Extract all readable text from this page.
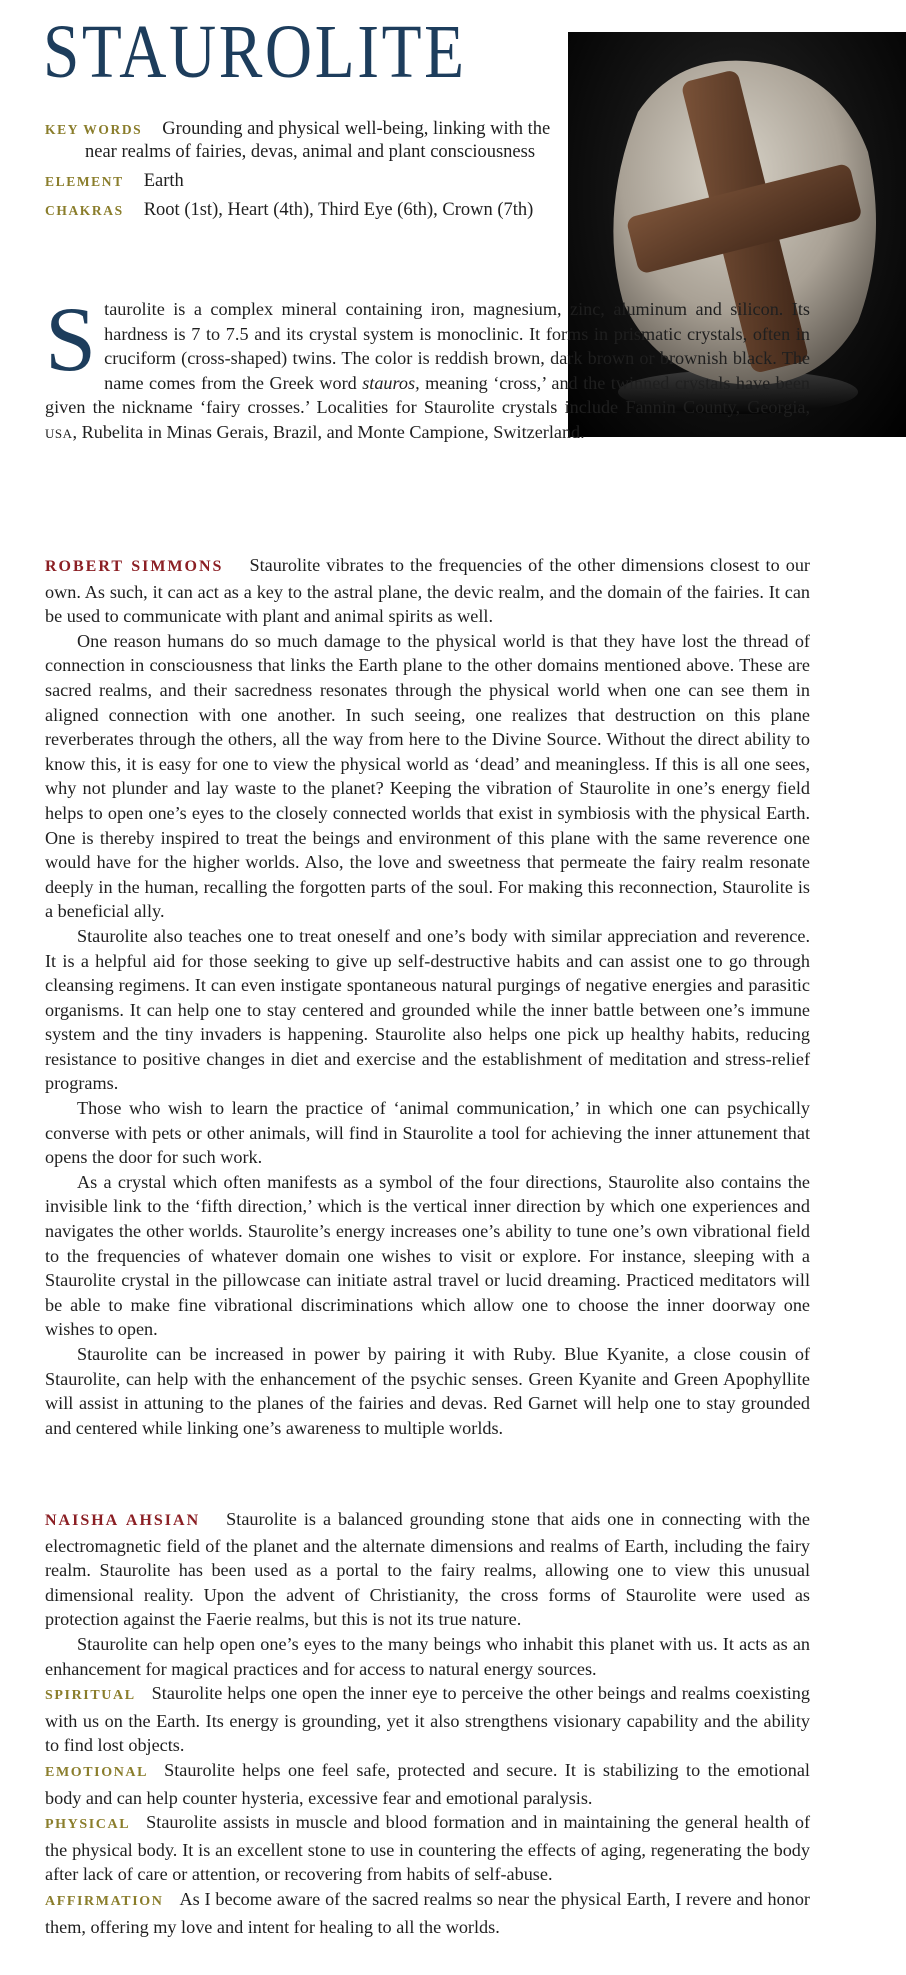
STAUROLITE
KEY WORDS Grounding and physical well-being, linking with the near realms of fairies, devas, animal and plant consciousness
ELEMENT Earth
CHAKRAS Root (1st), Heart (4th), Third Eye (6th), Crown (7th)

Staurolite is a complex mineral containing iron, magnesium, zinc, aluminum and silicon. Its hardness is 7 to 7.5 and its crystal system is monoclinic. It forms in prismatic crystals, often in cruciform (cross-shaped) twins. The color is reddish brown, dark brown or brownish black. The name comes from the Greek word stauros, meaning ‘cross,’ and the twinned crystals have been given the nickname ‘fairy crosses.’ Localities for Staurolite crystals include Fannin County, Georgia, USA, Rubelita in Minas Gerais, Brazil, and Monte Campione, Switzerland.

ROBERT SIMMONS Staurolite vibrates to the frequencies of the other dimensions closest to our own. As such, it can act as a key to the astral plane, the devic realm, and the domain of the fairies. It can be used to communicate with plant and animal spirits as well.

One reason humans do so much damage to the physical world is that they have lost the thread of connection in consciousness that links the Earth plane to the other domains mentioned above. These are sacred realms, and their sacredness resonates through the physical world when one can see them in aligned connection with one another. In such seeing, one realizes that destruction on this plane reverberates through the others, all the way from here to the Divine Source. Without the direct ability to know this, it is easy for one to view the physical world as ‘dead’ and meaningless. If this is all one sees, why not plunder and lay waste to the planet? Keeping the vibration of Staurolite in one’s energy field helps to open one’s eyes to the closely connected worlds that exist in symbiosis with the physical Earth. One is thereby inspired to treat the beings and environment of this plane with the same reverence one would have for the higher worlds. Also, the love and sweetness that permeate the fairy realm resonate deeply in the human, recalling the forgotten parts of the soul. For making this reconnection, Staurolite is a beneficial ally.

Staurolite also teaches one to treat oneself and one’s body with similar appreciation and reverence. It is a helpful aid for those seeking to give up self-destructive habits and can assist one to go through cleansing regimens. It can even instigate spontaneous natural purgings of negative energies and parasitic organisms. It can help one to stay centered and grounded while the inner battle between one’s immune system and the tiny invaders is happening. Staurolite also helps one pick up healthy habits, reducing resistance to positive changes in diet and exercise and the establishment of meditation and stress-relief programs.

Those who wish to learn the practice of ‘animal communication,’ in which one can psychically converse with pets or other animals, will find in Staurolite a tool for achieving the inner attunement that opens the door for such work.

As a crystal which often manifests as a symbol of the four directions, Staurolite also contains the invisible link to the ‘fifth direction,’ which is the vertical inner direction by which one experiences and navigates the other worlds. Staurolite’s energy increases one’s ability to tune one’s own vibrational field to the frequencies of whatever domain one wishes to visit or explore. For instance, sleeping with a Staurolite crystal in the pillowcase can initiate astral travel or lucid dreaming. Practiced meditators will be able to make fine vibrational discriminations which allow one to choose the inner doorway one wishes to open.

Staurolite can be increased in power by pairing it with Ruby. Blue Kyanite, a close cousin of Staurolite, can help with the enhancement of the psychic senses. Green Kyanite and Green Apophyllite will assist in attuning to the planes of the fairies and devas. Red Garnet will help one to stay grounded and centered while linking one’s awareness to multiple worlds.

NAISHA AHSIAN Staurolite is a balanced grounding stone that aids one in connecting with the electromagnetic field of the planet and the alternate dimensions and realms of Earth, including the fairy realm. Staurolite has been used as a portal to the fairy realms, allowing one to view this unusual dimensional reality. Upon the advent of Christianity, the cross forms of Staurolite were used as protection against the Faerie realms, but this is not its true nature.

Staurolite can help open one’s eyes to the many beings who inhabit this planet with us. It acts as an enhancement for magical practices and for access to natural energy sources.

SPIRITUAL Staurolite helps one open the inner eye to perceive the other beings and realms coexisting with us on the Earth. Its energy is grounding, yet it also strengthens visionary capability and the ability to find lost objects.

EMOTIONAL Staurolite helps one feel safe, protected and secure. It is stabilizing to the emotional body and can help counter hysteria, excessive fear and emotional paralysis.

PHYSICAL Staurolite assists in muscle and blood formation and in maintaining the general health of the physical body. It is an excellent stone to use in countering the effects of aging, regenerating the body after lack of care or attention, or recovering from habits of self-abuse.

AFFIRMATION As I become aware of the sacred realms so near the physical Earth, I revere and honor them, offering my love and intent for healing to all the worlds.
